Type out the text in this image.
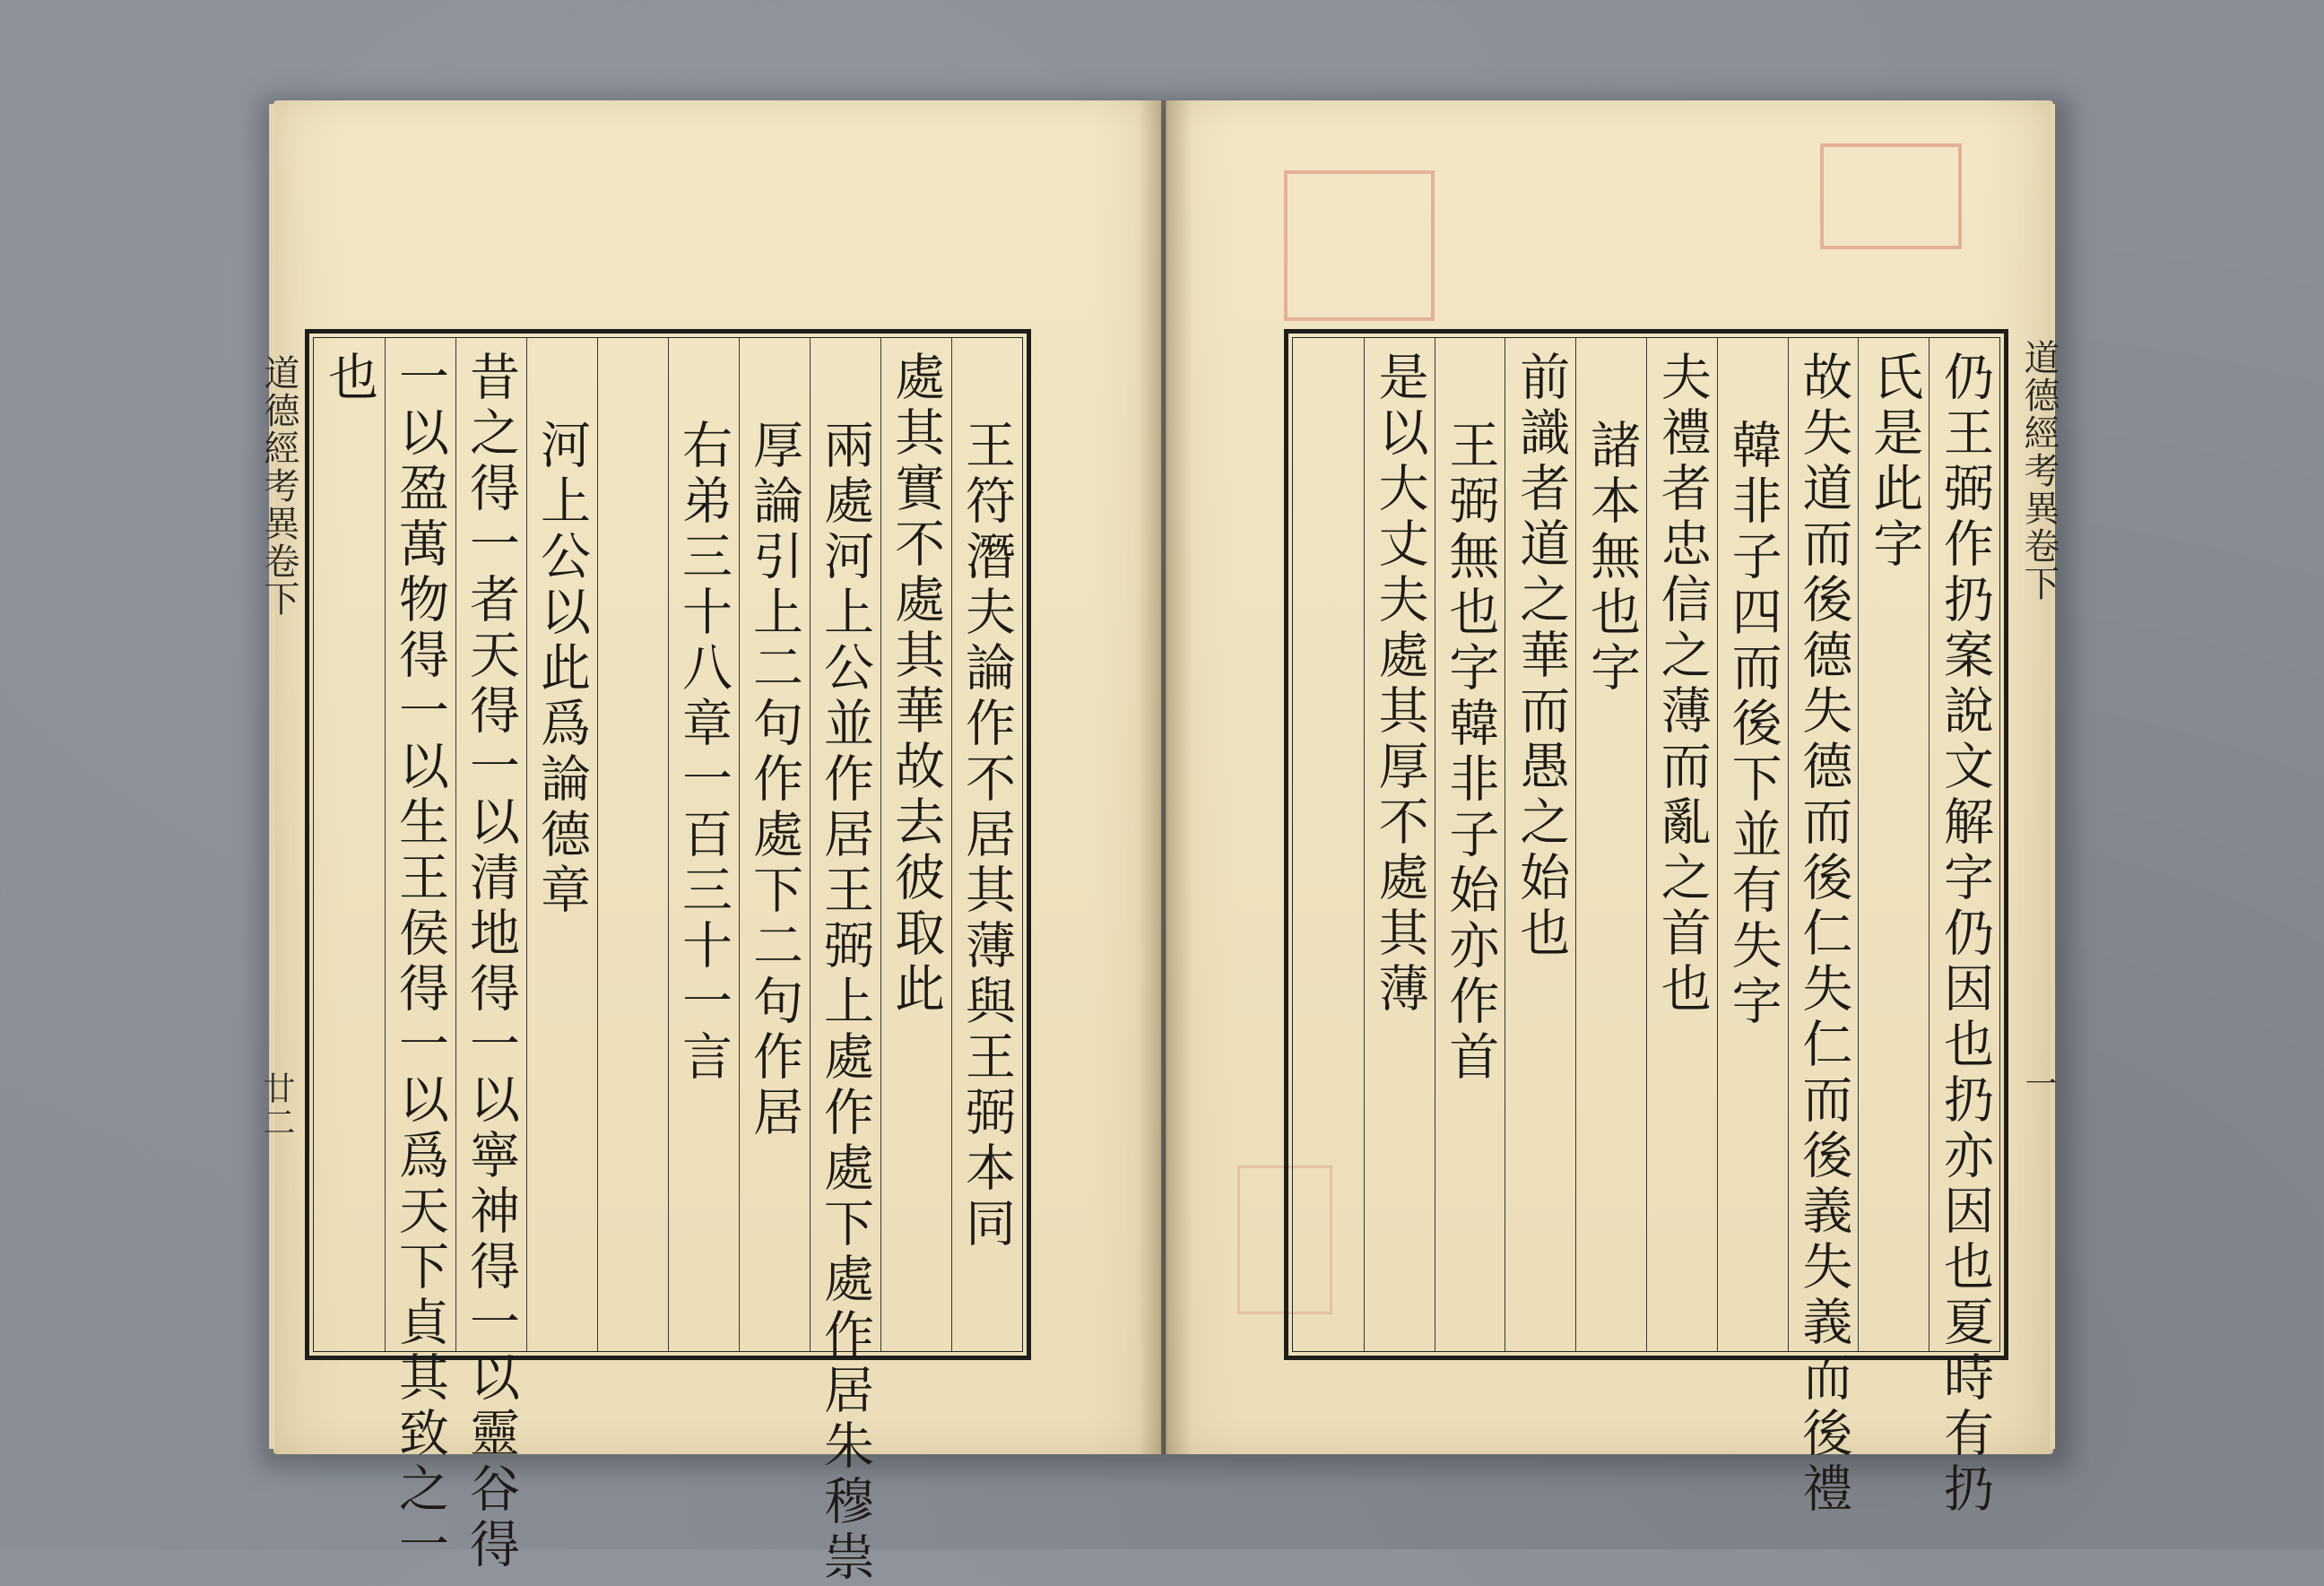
王符潛夫論作不居其薄與王弼本同
處其實不處其華故去彼取此
兩處河上公並作居王弼上處作處下處作居朱穆祟
厚論引上二句作處下二句作居
右弟三十八章一百三十一言
河上公以此爲論德章
昔之得一者天得一以清地得一以寧神得一以靈谷得
一以盈萬物得一以生王侯得一以爲天下貞其致之一
也	仍王弼作扔案說文解字仍因也扔亦因也夏時有扔
氏是此字
故失道而後德失德而後仁失仁而後義失義而後禮
韓非子四而後下並有失字
夫禮者忠信之薄而亂之首也
諸本無也字
前識者道之華而愚之始也
王弼無也字韓非子始亦作首
是以大丈夫處其厚不處其薄
道德經考異卷下
廿二
道德經考異卷下
一
